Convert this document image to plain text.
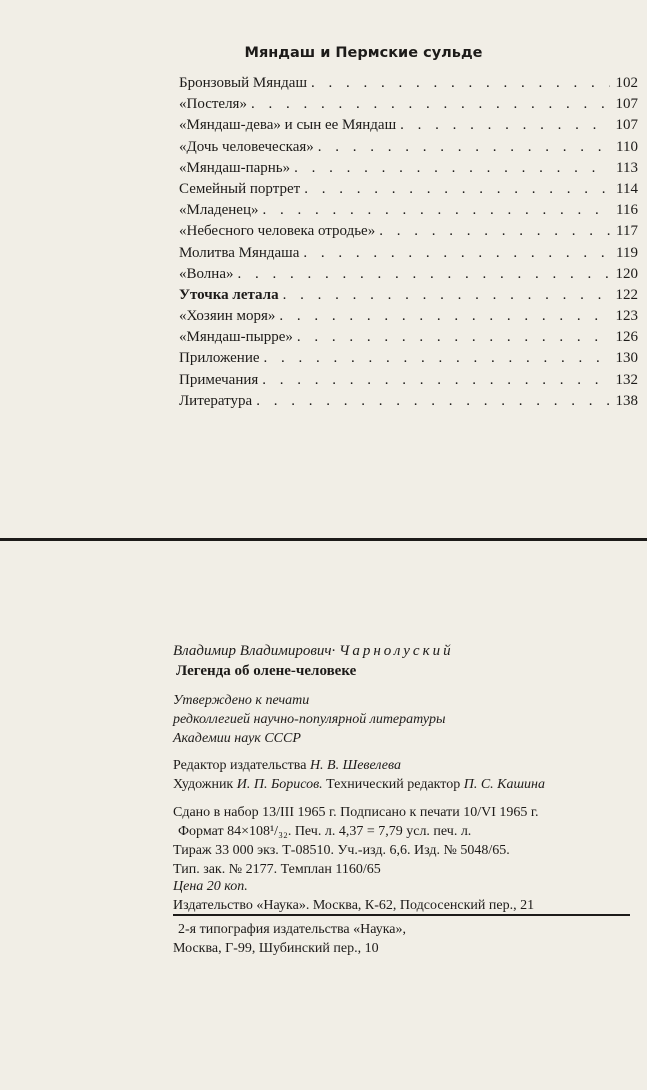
Мяндаш и Пермские сульде
Бронзовый Мяндаш . . .	102
«Постеля» . . .	107
«Мяндаш-дева» и сын ее Мяндаш . . .	107
«Дочь человеческая» . . .	110
«Мяндаш-парнь» . . .	113
Семейный портрет . . .	114
«Младенец» . . .	116
«Небесного человека отродье» . . .	117
Молитва Мяндаша . . .	119
«Волна» . . .	120
Уточка летала . . .	122
«Хозяин моря» . . .	123
«Мяндаш-пырре» . . .	126
Приложение . . .	130
Примечания . . .	132
Литература . . .	138
Владимир Владимирович· Чарнолуский
Легенда об олене-человеке
Утверждено к печати
редколлегией научно-популярной литературы
Академии наук СССР
Редактор издательства Н. В. Шевелева
Художник И. П. Борисов. Технический редактор П. С. Кашина
Сдано в набор 13/III 1965 г. Подписано к печати 10/VI 1965 г.
Формат 84×108¹/₃₂. Печ. л. 4,37 = 7,79 усл. печ. л.
Тираж 33 000 экз. Т-08510. Уч.-изд. 6,6. Изд. № 5048/65.
Тип. зак. № 2177. Темплан 1160/65
Цена 20 коп.
Издательство «Наука». Москва, К-62, Подсосенский пер., 21
2-я типография издательства «Наука»,
Москва, Г-99, Шубинский пер., 10
